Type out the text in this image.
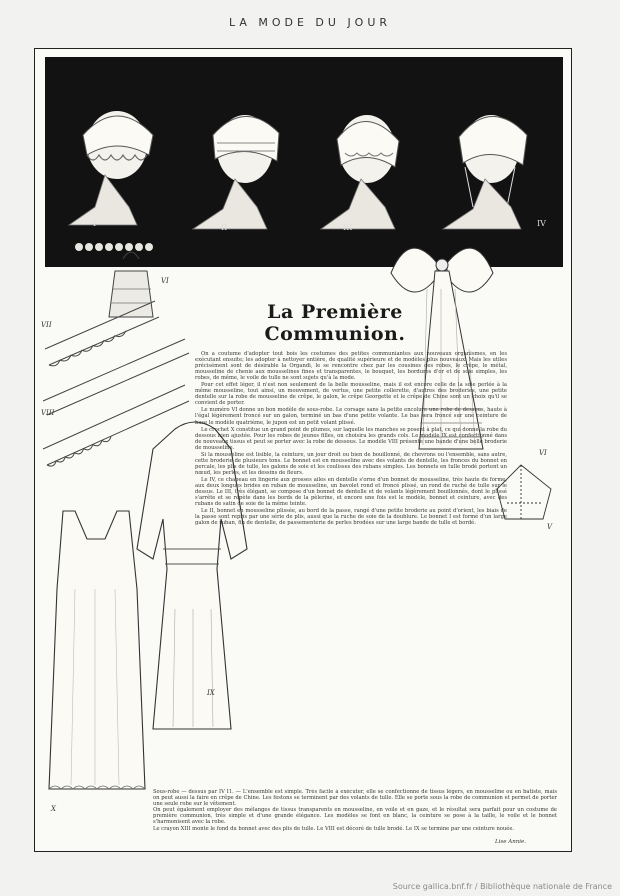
LA MODE DU JOUR
I	II	III	IV
VI
VII
VIII
IX
X
VI
V
La Première Communion.

On a coutume d'adopter tout bois les costumes des petites communiantes aux nouveaux organismes, en les exécutant ensuite; les adopter à nettoyer entière, de qualité supérieure et de modèles plus nouveaux. Mais les utiles précisément sont de désirable la Organdi, le se rencontre chez par les cousines des robes, le crêpe, le métal, mousseline de chenie aux mousselines fines et transparentes, le bouquet, les bordures d'or et de soie simples, les robes, de même, le voile de tulle ne sont sujets qu'à la mode.

Pour cet effet léger, il n'est non seulement de la belle mousseline, mais il est encore celle de la soie perlée à la même mousseline, tout ainsi, un mouvement, de vertus, une petite collerette, d'autres des broderies, une petite dentelle sur la robe de mousseline de crêpe, le galon, le crêpe Georgette et le crêpe de Chine sont un choix qu'il se convient de porter.

Le numéro VI donne un bon modèle de sous-robe. Le corsage sans la petite encolure une robe de dessous, haute à l'égal légèrement froncé sur un galon, terminé un bas d'une petite volante. Le bas sera froncé sur une ceinture de base le modèle quatrième, le jupon est un petit volant plissé.

Le crochet X constitue un grand point de plumes, sur laquelle les manches se posent à plat, ce qui donne la robe du dessous bien ajustée. Pour les robes de jeunes filles, on choisira les grands cols. Le modèle IX est confectionné dans de nouveaux tissus et peut se porter avec la robe de dessous. Le modèle VIII présente une bande d'une belle broderie de mousseline.

Si la mousseline est lisible, la ceinture, un jour droit ou bien de bouillonné, de chevrons ou l'ensemble, sans autre, cette broderie de plusieurs tons. Le bonnet est en mousseline avec des volants de dentelle, les fronces du bonnet en percale, les plis de tulle, les galons de soie et les coulisses des rubans simples. Les bonnets en tulle brodé portent un nœud, les perles, et les dessins de fleurs.

Le IV, ce chapeau en lingerie aux grosses ailes en dentelle s'orne d'un bonnet de mousseline, très haute de forme, aux deux longues brides en ruban de mousseline, un bavolet rond et froncé plissé, un rond de ruché de tulle sur le dessus. Le III, très élégant, se compose d'un bonnet de dentelle et de volants légèrement bouillonnés, dont le plissé s'arrête et se répète dans les bords de la pèlerine, et encore une fois est le modèle, bonnet et ceinture, avec des rubans de satin de soie de la même teinte.

Le II, bonnet en mousseline plissée, au bord de la passe, rangé d'une petite broderie au point d'orient, les biais de la passe sont repris par une série de plis, aussi que la ruche de soie de la doublure. Le bonnet I est formé d'un large galon de ruban, fin de dentelle, de passementerie de perles brodées sur une large bande de tulle et bordé.

Sous-robe — dessus par IV I1. — L'ensemble est simple. Très facile à exécuter, elle se confectionne de tissus légers, en mousseline ou en batiste, mais on peut aussi la faire en crêpe de Chine. Les festons se terminent par des volants de tulle. Elle se porte sous la robe de communion et permet de porter une seule robe sur le vêtement.

On peut également employer des mélanges de tissus transparents en mousseline, en voile et en gaze, et le résultat sera parfait pour un costume de première communion, très simple et d'une grande élégance. Les modèles se font en blanc, la ceinture se pose à la taille, le voile et le bonnet s'harmonisent avec la robe.

Le crayon XIII monte le fond du bonnet avec des plis de tulle. Le VIII est décoré de tulle brodé. Le IX se termine par une ceinture nouée.

Lise Annie.
Source gallica.bnf.fr / Bibliothèque nationale de France
